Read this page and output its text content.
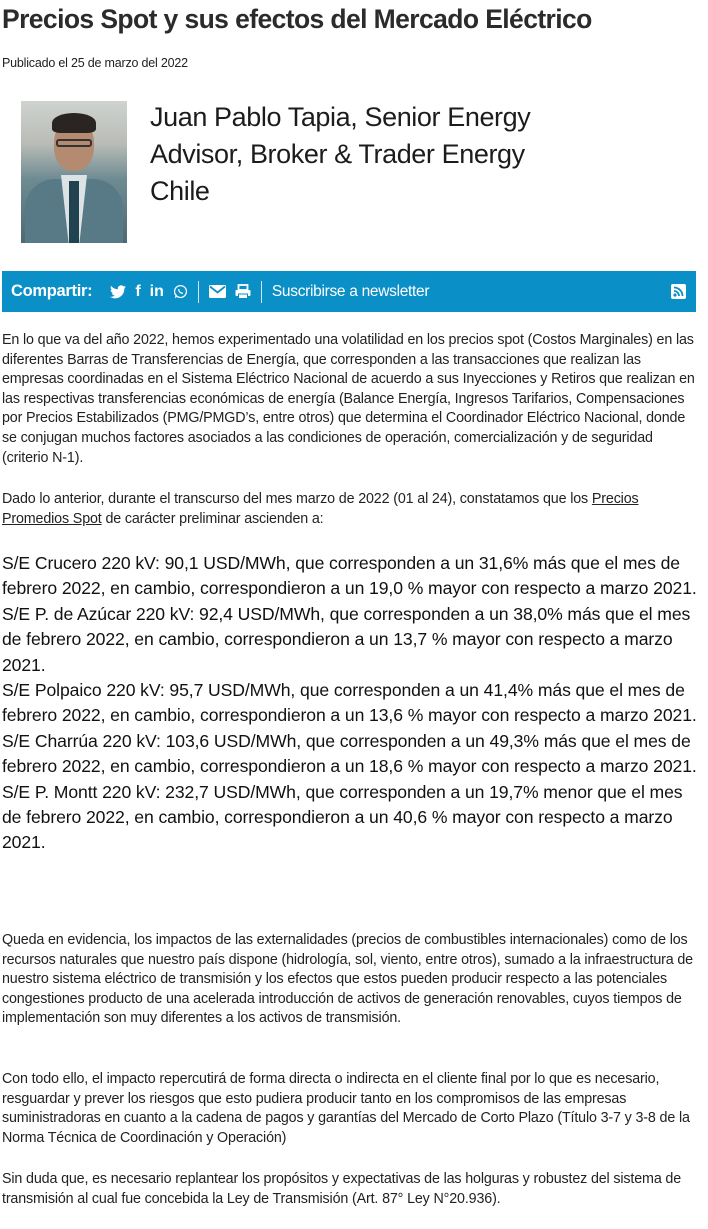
Precios Spot y sus efectos del Mercado Eléctrico
Publicado el 25 de marzo del 2022
Juan Pablo Tapia, Senior Energy Advisor, Broker & Trader Energy Chile
Compartir:	f in	Suscribirse a newsletter

En lo que va del año 2022, hemos experimentado una volatilidad en los precios spot (Costos Marginales) en las diferentes Barras de Transferencias de Energía, que corresponden a las transacciones que realizan las empresas coordinadas en el Sistema Eléctrico Nacional de acuerdo a sus Inyecciones y Retiros que realizan en las respectivas transferencias económicas de energía (Balance Energía, Ingresos Tarifarios, Compensaciones por Precios Estabilizados (PMG/PMGD’s, entre otros) que determina el Coordinador Eléctrico Nacional, donde se conjugan muchos factores asociados a las condiciones de operación, comercialización y de seguridad (criterio N-1).

Dado lo anterior, durante el transcurso del mes marzo de 2022 (01 al 24), constatamos que los Precios Promedios Spot de carácter preliminar ascienden a:

S/E Crucero 220 kV: 90,1 USD/MWh, que corresponden a un 31,6% más que el mes de febrero 2022, en cambio, correspondieron a un 19,0 % mayor con respecto a marzo 2021.
S/E P. de Azúcar 220 kV: 92,4 USD/MWh, que corresponden a un 38,0% más que el mes de febrero 2022, en cambio, correspondieron a un 13,7 % mayor con respecto a marzo 2021.
S/E Polpaico 220 kV: 95,7 USD/MWh, que corresponden a un 41,4% más que el mes de febrero 2022, en cambio, correspondieron a un 13,6 % mayor con respecto a marzo 2021.
S/E Charrúa 220 kV: 103,6 USD/MWh, que corresponden a un 49,3% más que el mes de febrero 2022, en cambio, correspondieron a un 18,6 % mayor con respecto a marzo 2021.
S/E P. Montt 220 kV: 232,7 USD/MWh, que corresponden a un 19,7% menor que el mes de febrero 2022, en cambio, correspondieron a un 40,6 % mayor con respecto a marzo 2021.

Queda en evidencia, los impactos de las externalidades (precios de combustibles internacionales) como de los recursos naturales que nuestro país dispone (hidrología, sol, viento, entre otros), sumado a la infraestructura de nuestro sistema eléctrico de transmisión y los efectos que estos pueden producir respecto a las potenciales congestiones producto de una acelerada introducción de activos de generación renovables, cuyos tiempos de implementación son muy diferentes a los activos de transmisión.

Con todo ello, el impacto repercutirá de forma directa o indirecta en el cliente final por lo que es necesario, resguardar y prever los riesgos que esto pudiera producir tanto en los compromisos de las empresas suministradoras en cuanto a la cadena de pagos y garantías del Mercado de Corto Plazo (Título 3-7 y 3-8 de la Norma Técnica de Coordinación y Operación)

Sin duda que, es necesario replantear los propósitos y expectativas de las holguras y robustez del sistema de transmisión al cual fue concebida la Ley de Transmisión (Art. 87° Ley N°20.936).
